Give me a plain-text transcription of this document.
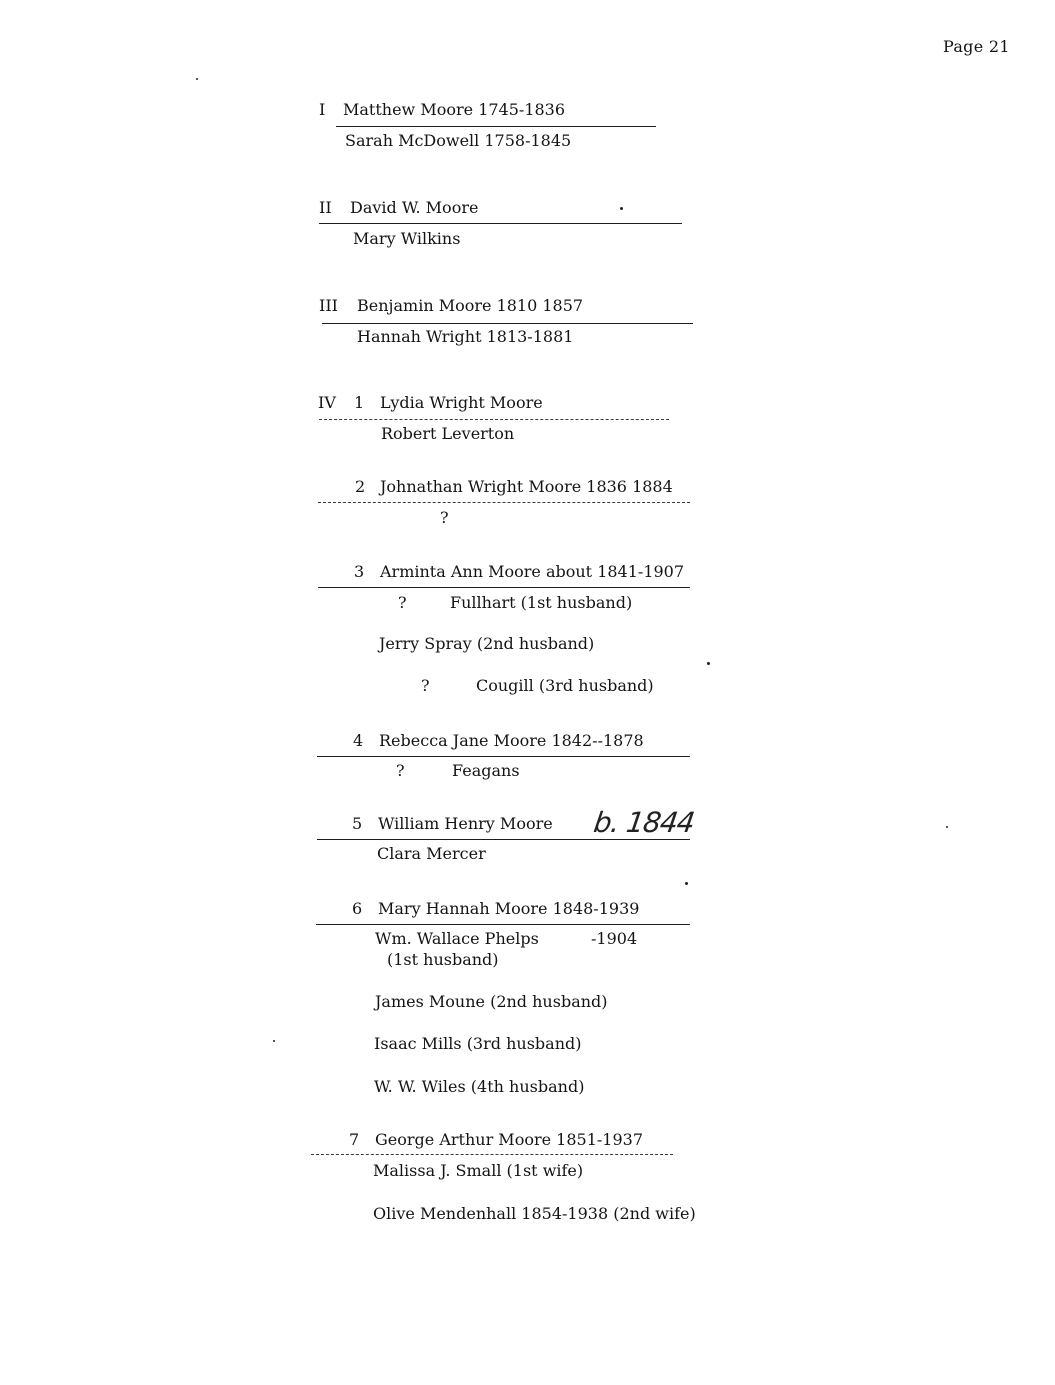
Page 21
I Matthew Moore 1745-1836
Sarah McDowell 1758-1845
II David W. Moore
Mary Wilkins
III Benjamin Moore 1810 1857
Hannah Wright 1813-1881
IV 1 Lydia Wright Moore
Robert Leverton
2 Johnathan Wright Moore 1836 1884
?
3 Arminta Ann Moore about 1841-1907
?	Fullhart (1st husband)
Jerry Spray (2nd husband)
?	Cougill (3rd husband)
4 Rebecca Jane Moore 1842--1878
?	Feagans
5 William Henry Moore b. 1844
Clara Mercer
6 Mary Hannah Moore 1848-1939
Wm. Wallace Phelps	-1904
(1st husband)
James Moune (2nd husband)
Isaac Mills (3rd husband)
W. W. Wiles (4th husband)
7 George Arthur Moore 1851-1937
Malissa J. Small (1st wife)
Olive Mendenhall 1854-1938 (2nd wife)
